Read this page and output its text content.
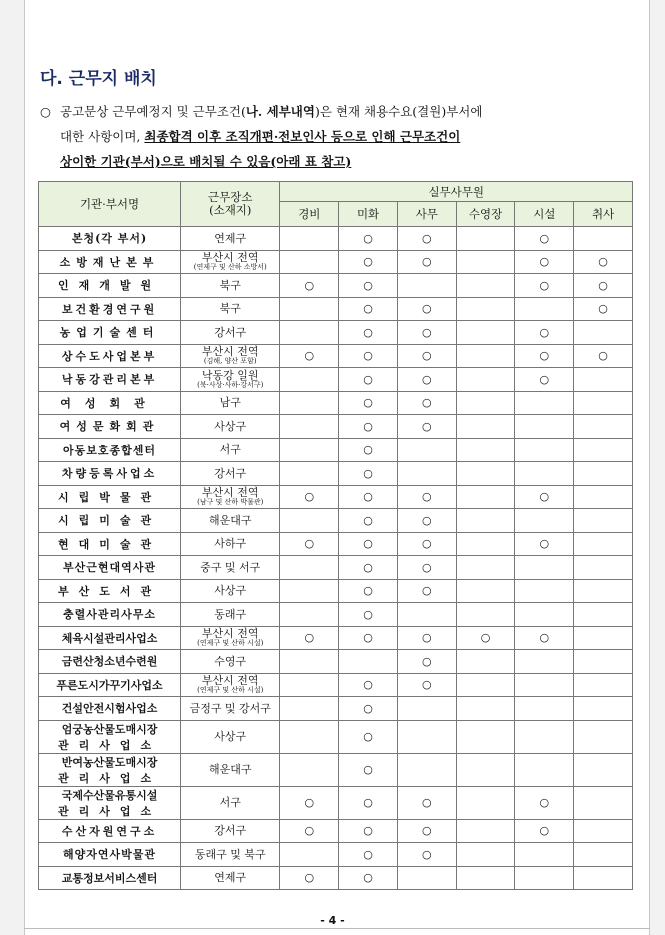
다. 근무지 배치
○ 공고문상 근무예정지 및 근무조건(나. 세부내역)은 현재 채용수요(결원)부서에
대한 사항이며, 최종합격 이후 조직개편·전보인사 등으로 인해 근무조건이
상이한 기관(부서)으로 배치될 수 있음(아래 표 참고)
기관·부서명	근무장소
(소재지)	실무사무원					
		경비	미화	사무	수영장	시설	취사

본청(각 부서)	연제구		○	○		○	

소방재난본부	부산시 전역
(연제구 및 산하 소방서)		○	○		○	○

인재개발원	북구	○	○			○	○

보건환경연구원	북구		○	○			○

농업기술센터	강서구		○	○		○	

상수도사업본부	부산시 전역
(김해, 양산 포함)	○	○	○		○	○

낙동강관리본부	낙동강 일원
(북·사상·사하·강서구)		○	○		○	

여성회관	남구		○	○			

여성문화회관	사상구		○	○			

아동보호종합센터	서구		○				

차량등록사업소	강서구		○				

시립박물관	부산시 전역
(남구 및 산하 박물관)	○	○	○		○	

시립미술관	해운대구		○	○			

현대미술관	사하구	○	○	○		○	

부산근현대역사관	중구 및 서구		○	○			

부산도서관	사상구		○	○			

충렬사관리사무소	동래구		○				

체육시설관리사업소	부산시 전역
(연제구 및 산하 시설)	○	○	○	○	○	

금련산청소년수련원	수영구			○			

푸른도시가꾸기사업소	부산시 전역
(연제구 및 산하 시설)		○	○			

건설안전시험사업소	금정구 및 강서구		○				

엄궁농산물도매시장
관리사업소	사상구		○				

반여농산물도매시장
관리사업소	해운대구		○				

국제수산물유통시설
관리사업소	서구	○	○	○		○	

수산자원연구소	강서구	○	○	○		○	

해양자연사박물관	동래구 및 북구		○	○			

교통정보서비스센터	연제구	○	○				
- 4 -
